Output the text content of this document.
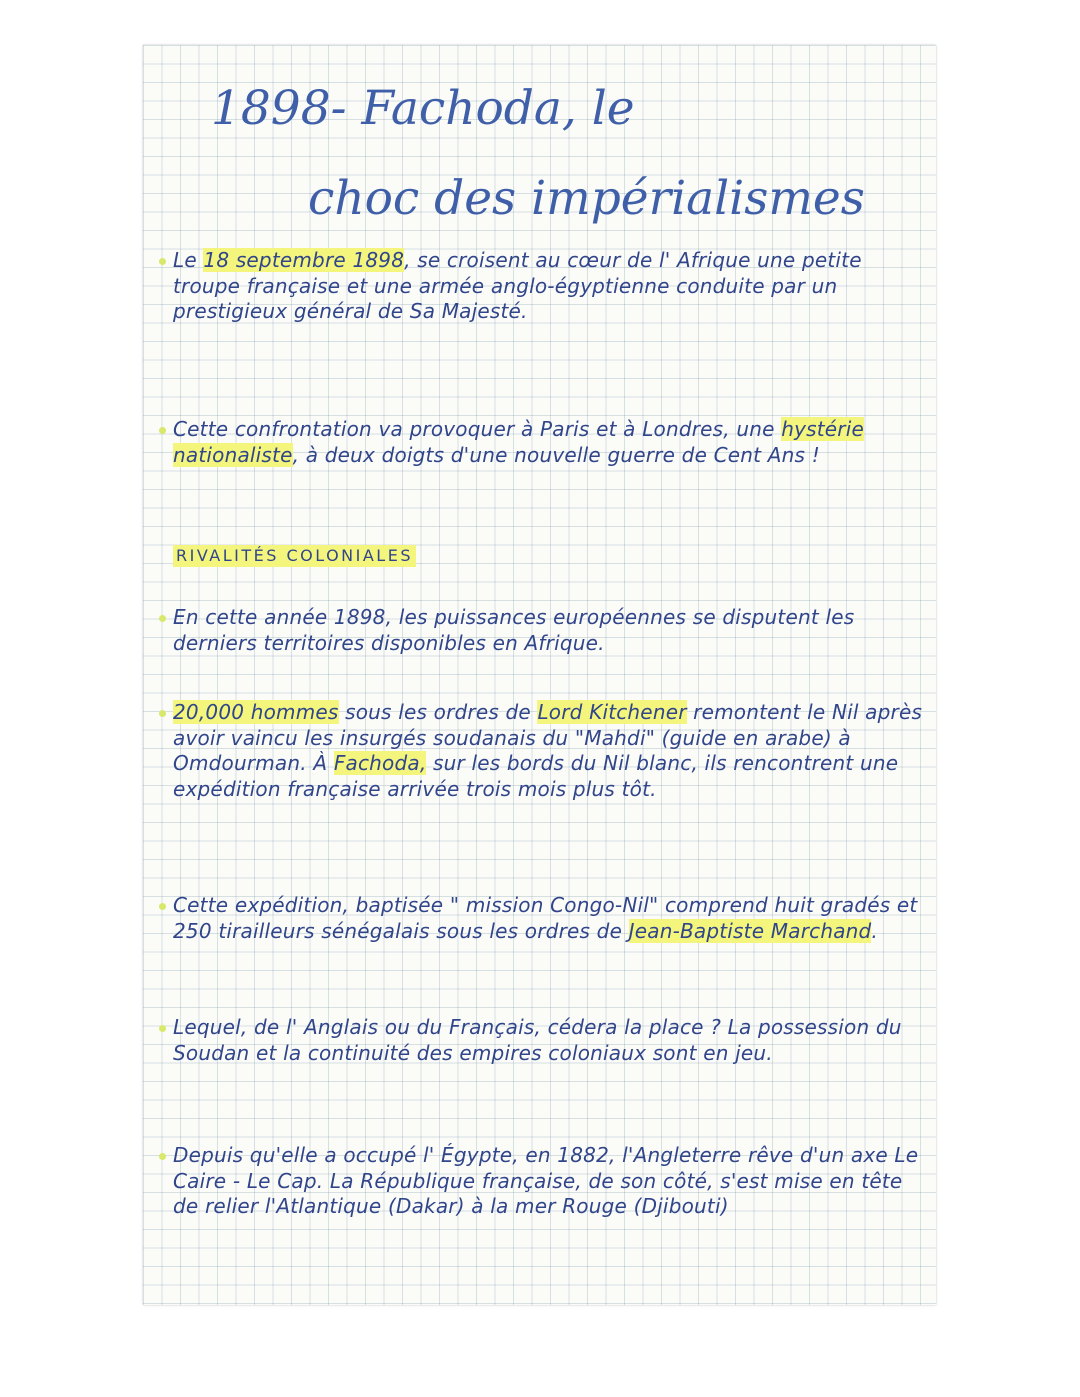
1898- Fachoda, le
choc des impérialismes

Le 18 septembre 1898, se croisent au cœur de l' Afrique une petite troupe française et une armée anglo-égyptienne conduite par un prestigieux général de Sa Majesté.

Cette confrontation va provoquer à Paris et à Londres, une hystérie nationaliste, à deux doigts d'une nouvelle guerre de Cent Ans !

RIVALITÉS COLONIALES

En cette année 1898, les puissances européennes se disputent les derniers territoires disponibles en Afrique.

20,000 hommes sous les ordres de Lord Kitchener remontent le Nil après avoir vaincu les insurgés soudanais du "Mahdi" (guide en arabe) à Omdourman. À Fachoda, sur les bords du Nil blanc, ils rencontrent une expédition française arrivée trois mois plus tôt.

Cette expédition, baptisée " mission Congo-Nil" comprend huit gradés et 250 tirailleurs sénégalais sous les ordres de Jean-Baptiste Marchand.

Lequel, de l' Anglais ou du Français, cédera la place ? La possession du Soudan et la continuité des empires coloniaux sont en jeu.

Depuis qu'elle a occupé l' Égypte, en 1882, l'Angleterre rêve d'un axe Le Caire - Le Cap. La République française, de son côté, s'est mise en tête de relier l'Atlantique (Dakar) à la mer Rouge (Djibouti)
